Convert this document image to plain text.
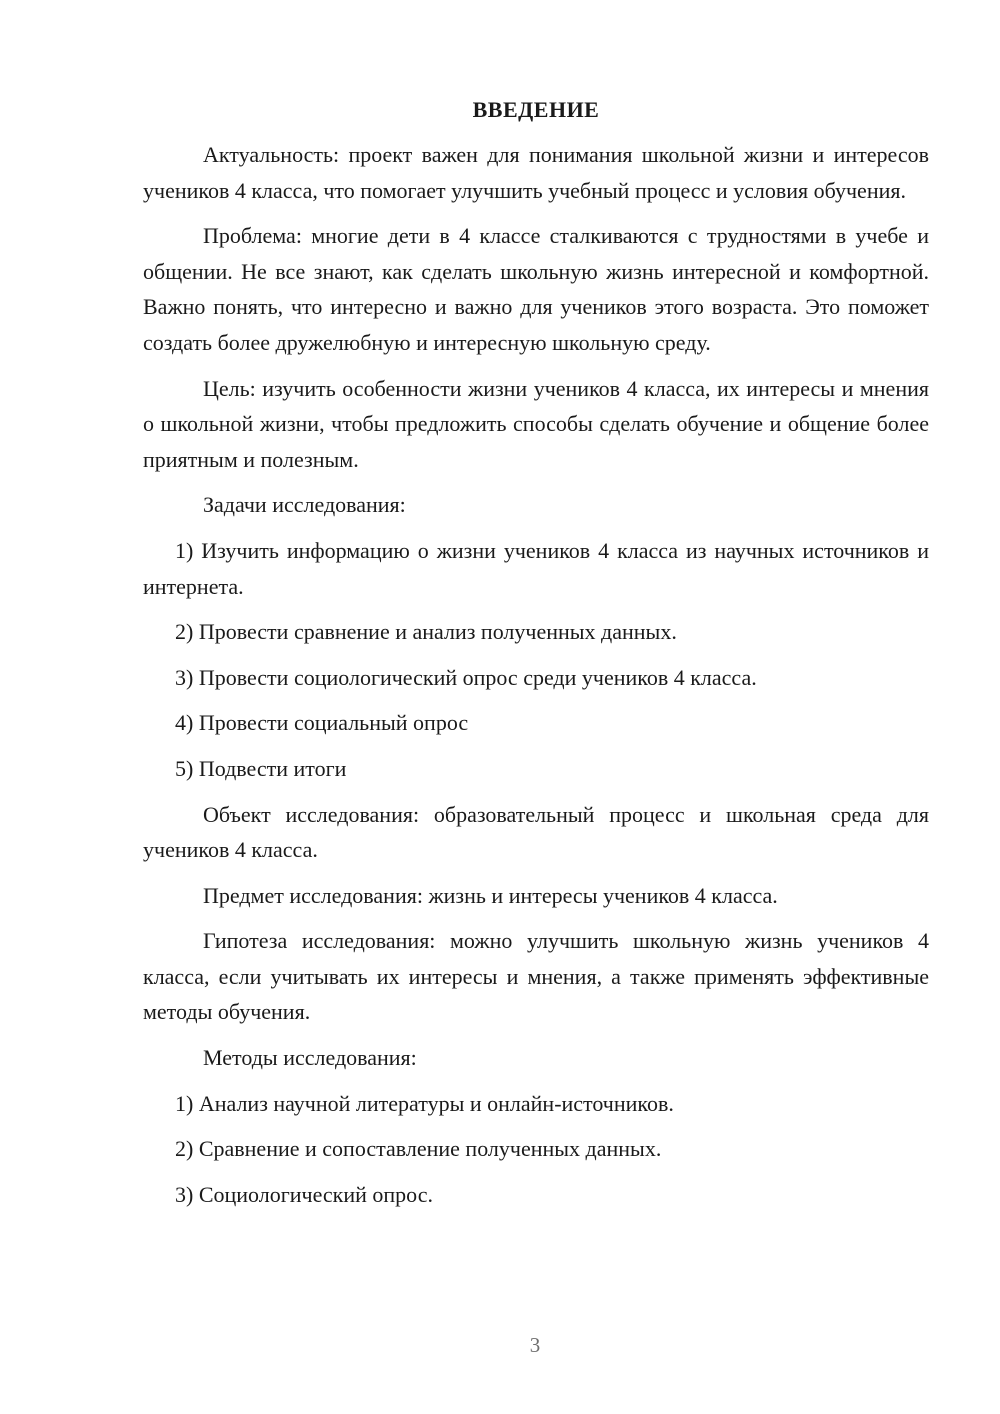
ВВЕДЕНИЕ

Актуальность: проект важен для понимания школьной жизни и интересов учеников 4 класса, что помогает улучшить учебный процесс и условия обучения.

Проблема: многие дети в 4 классе сталкиваются с трудностями в учебе и общении. Не все знают, как сделать школьную жизнь интересной и комфортной. Важно понять, что интересно и важно для учеников этого возраста. Это поможет создать более дружелюбную и интересную школьную среду.

Цель: изучить особенности жизни учеников 4 класса, их интересы и мнения о школьной жизни, чтобы предложить способы сделать обучение и общение более приятным и полезным.

Задачи исследования:

1) Изучить информацию о жизни учеников 4 класса из научных источников и интернета.

2) Провести сравнение и анализ полученных данных.

3) Провести социологический опрос среди учеников 4 класса.

4) Провести социальный опрос

5) Подвести итоги

Объект исследования: образовательный процесс и школьная среда для учеников 4 класса.

Предмет исследования: жизнь и интересы учеников 4 класса.

Гипотеза исследования: можно улучшить школьную жизнь учеников 4 класса, если учитывать их интересы и мнения, а также применять эффективные методы обучения.

Методы исследования:

1) Анализ научной литературы и онлайн-источников.

2) Сравнение и сопоставление полученных данных.

3) Социологический опрос.

3
